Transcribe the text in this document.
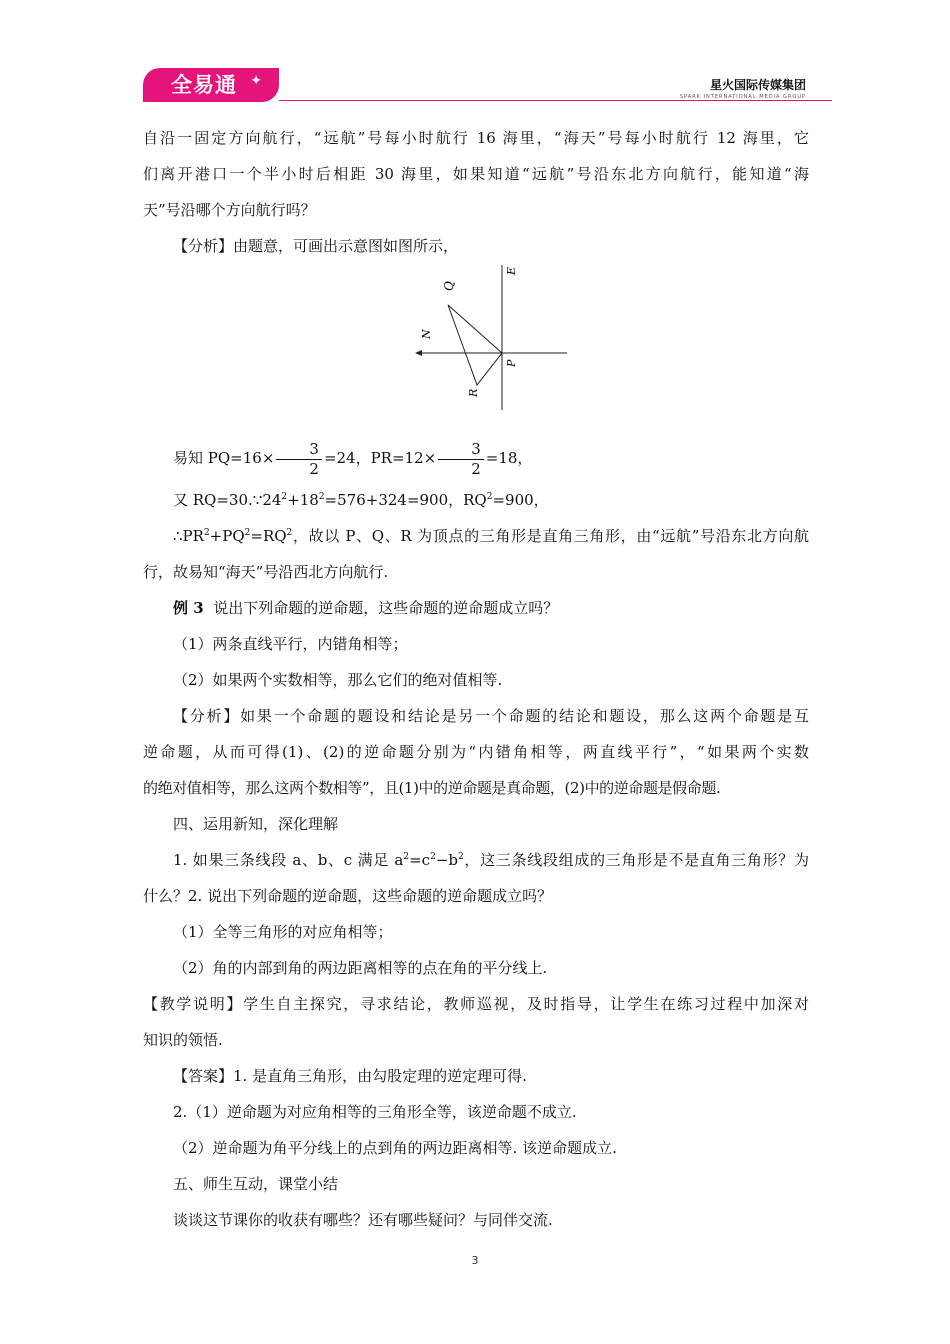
全易通 ✦	星火国际传媒集团
SPARK INTERNATIONAL MEDIA GROUP

自沿一固定方向航行，“远航”号每小时航行 16 海里，“海天”号每小时航行 12 海里，它

们离开港口一个半小时后相距 30 海里，如果知道“远航”号沿东北方向航行，能知道“海

天”号沿哪个方向航行吗？

【分析】由题意，可画出示意图如图所示，

易知 $PQ=16\times \frac{3}{2} =24$，$PR=12\times \frac{3}{2} =18$，

又 $RQ=30.\because 24^2+18^2=576+324=900$，$RQ^2=900$，

$\therefore PR^2+PQ^2=RQ^2$，故以 P、Q、R 为顶点的三角形是直角三角形，由“远航”号沿东北方向航

行，故易知“海天”号沿西北方向航行.

例 3 说出下列命题的逆命题，这些命题的逆命题成立吗？

（1）两条直线平行，内错角相等；

（2）如果两个实数相等，那么它们的绝对值相等.

【分析】如果一个命题的题设和结论是另一个命题的结论和题设，那么这两个命题是互

逆命题，从而可得(1)、(2)的逆命题分别为“内错角相等，两直线平行”，“如果两个实数

的绝对值相等，那么这两个数相等”，且(1)中的逆命题是真命题，(2)中的逆命题是假命题.

四、运用新知，深化理解

1. 如果三条线段 a、b、c 满足 $a^2=c^2-b^2$，这三条线段组成的三角形是不是直角三角形？为

什么？2. 说出下列命题的逆命题，这些命题的逆命题成立吗？

（1）全等三角形的对应角相等；

（2）角的内部到角的两边距离相等的点在角的平分线上.

【教学说明】学生自主探究，寻求结论，教师巡视，及时指导，让学生在练习过程中加深对

知识的领悟.

【答案】1. 是直角三角形，由勾股定理的逆定理可得.

2.（1）逆命题为对应角相等的三角形全等，该逆命题不成立.

（2）逆命题为角平分线上的点到角的两边距离相等. 该逆命题成立.

五、师生互动，课堂小结

谈谈这节课你的收获有哪些？还有哪些疑问？与同伴交流.

Q
E
N
P
R
3
